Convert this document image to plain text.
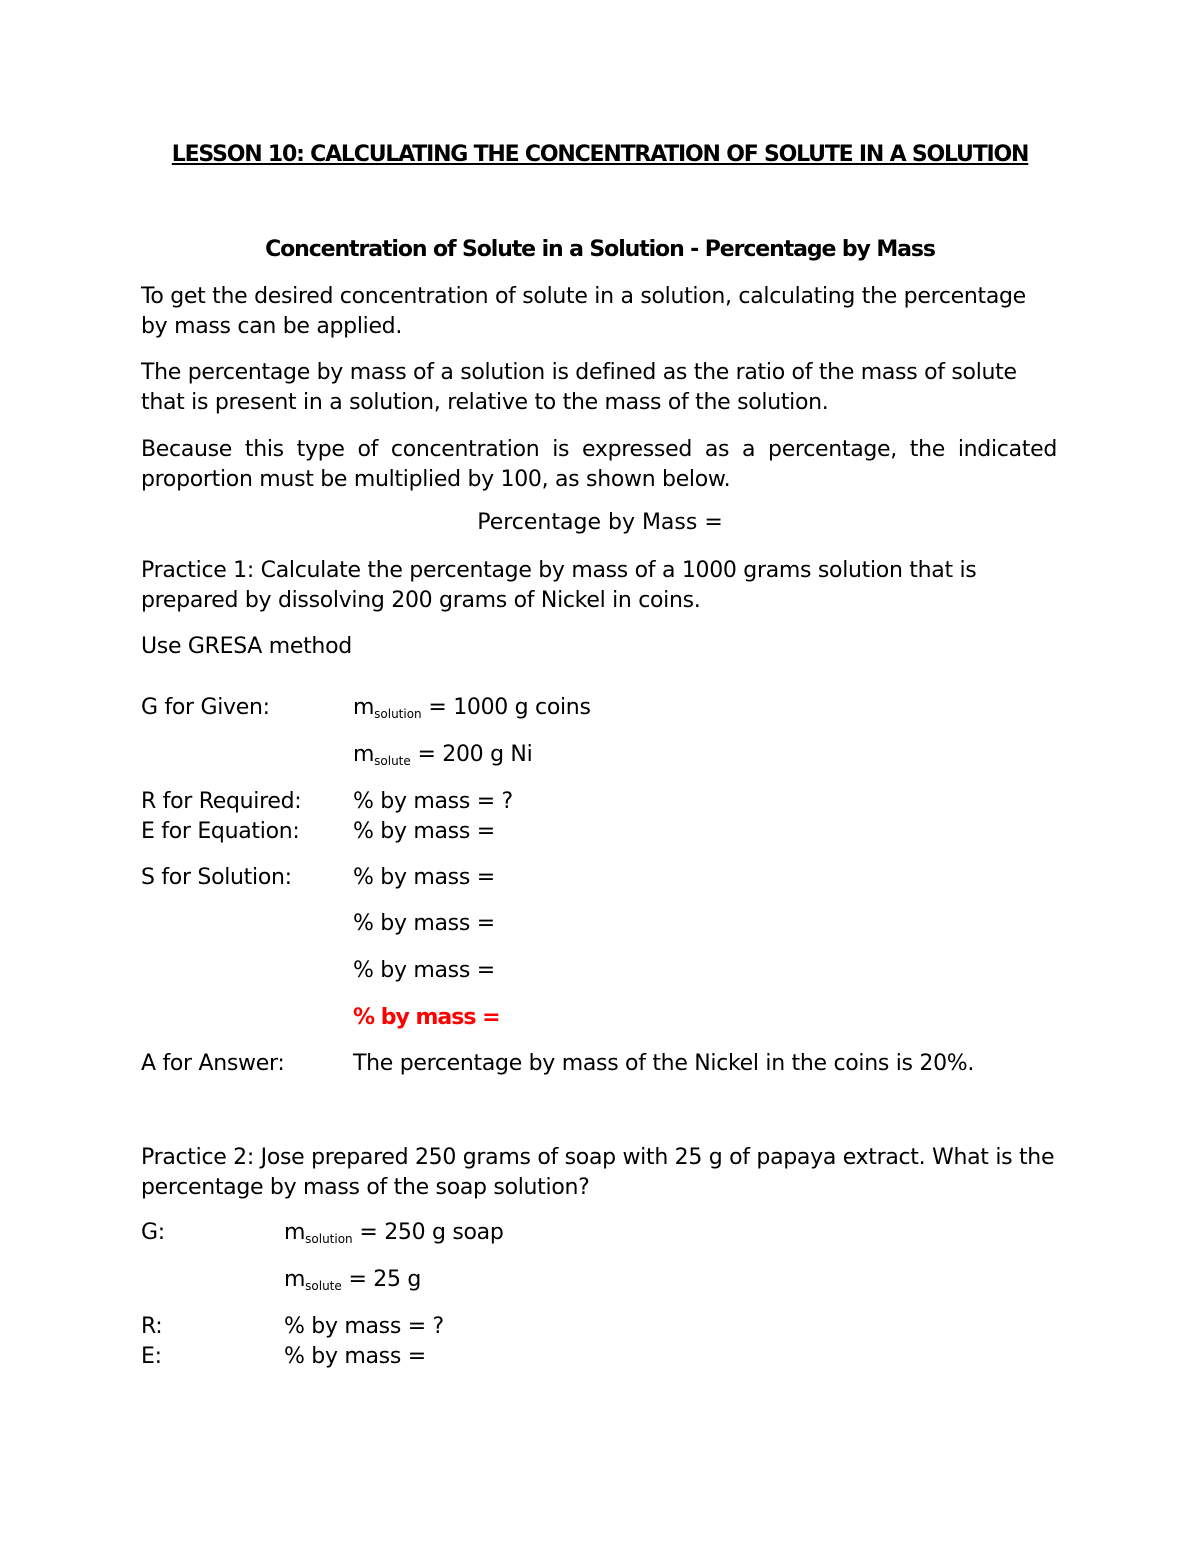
LESSON 10: CALCULATING THE CONCENTRATION OF SOLUTE IN A SOLUTION
Concentration of Solute in a Solution - Percentage by Mass
To get the desired concentration of solute in a solution, calculating the percentage by mass can be applied.
The percentage by mass of a solution is defined as the ratio of the mass of solute that is present in a solution, relative to the mass of the solution.
Because this type of concentration is expressed as a percentage, the indicated proportion must be multiplied by 100, as shown below.
Percentage by Mass =
Practice 1: Calculate the percentage by mass of a 1000 grams solution that is prepared by dissolving 200 grams of Nickel in coins.
Use GRESA method
G for Given:	$m_{solution} = 1000$ g coins
$m_{solute} = 200$ g Ni
R for Required: % by mass = ?
E for Equation: % by mass =
S for Solution:	% by mass =
% by mass =
% by mass =
% by mass =
A for Answer:	The percentage by mass of the Nickel in the coins is 20%.
Practice 2: Jose prepared 250 grams of soap with 25 g of papaya extract. What is the percentage by mass of the soap solution?
G:	$m_{solution} = 250$ g soap
$m_{solute} = 25$ g
R:	% by mass = ?
E:	% by mass =
